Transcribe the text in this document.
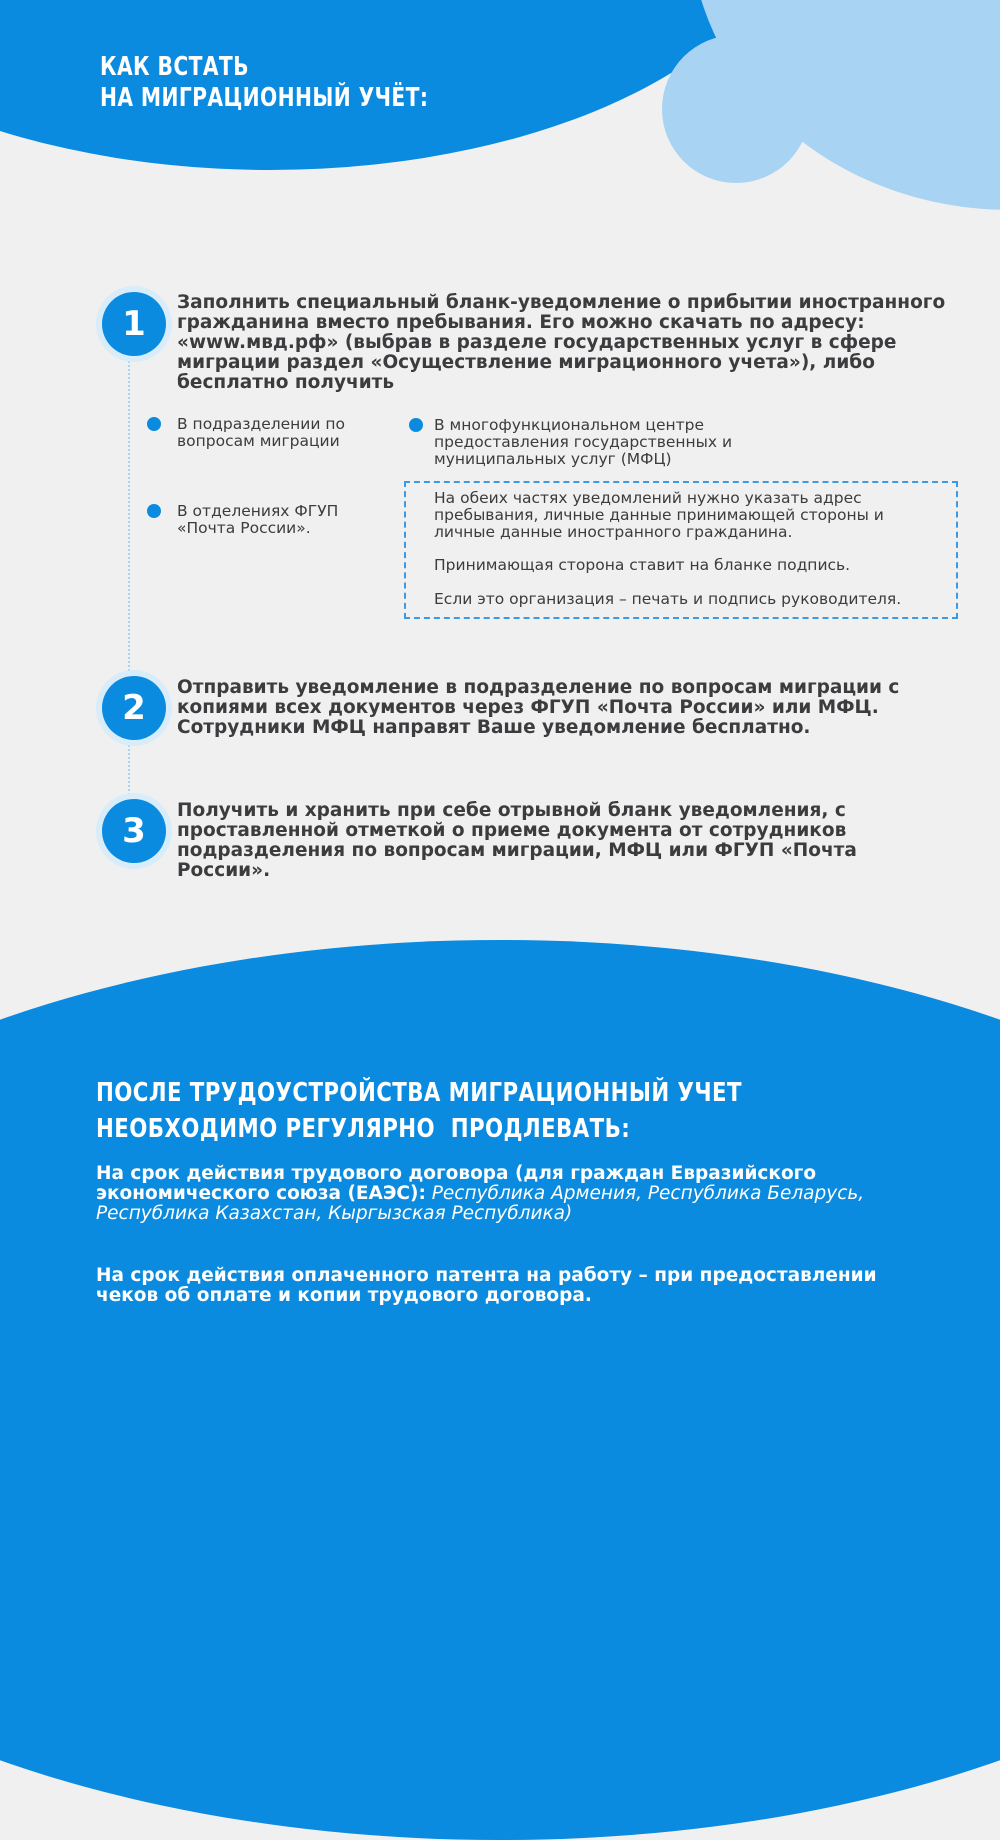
КАК ВСТАТЬ
НА МИГРАЦИОННЫЙ УЧЁТ:
1
Заполнить специальный бланк-уведомление о прибытии иностранного гражданина вместо пребывания. Его можно скачать по адресу: «www.мвд.рф» (выбрав в разделе государственных услуг в сфере миграции раздел «Осуществление миграционного учета»), либо бесплатно получить
В подразделении по вопросам миграции
В многофункциональном центре предоставления государственных и муниципальных услуг (МФЦ)
В отделениях ФГУП «Почта России».
На обеих частях уведомлений нужно указать адрес пребывания, личные данные принимающей стороны и личные данные иностранного гражданина.
Принимающая сторона ставит на бланке подпись.
Если это организация – печать и подпись руководителя.
2
Отправить уведомление в подразделение по вопросам миграции с копиями всех документов через ФГУП «Почта России» или МФЦ. Сотрудники МФЦ направят Ваше уведомление бесплатно.
3
Получить и хранить при себе отрывной бланк уведомления, с проставленной отметкой о приеме документа от сотрудников подразделения по вопросам миграции, МФЦ или ФГУП «Почта России».
ПОСЛЕ ТРУДОУСТРОЙСТВА МИГРАЦИОННЫЙ УЧЕТ
НЕОБХОДИМО РЕГУЛЯРНО  ПРОДЛЕВАТЬ:
На срок действия трудового договора (для граждан Евразийского экономического союза (ЕАЭС): Республика Армения, Республика Беларусь, Республика Казахстан, Кыргызская Республика)
На срок действия оплаченного патента на работу – при предоставлении чеков об оплате и копии трудового договора.
